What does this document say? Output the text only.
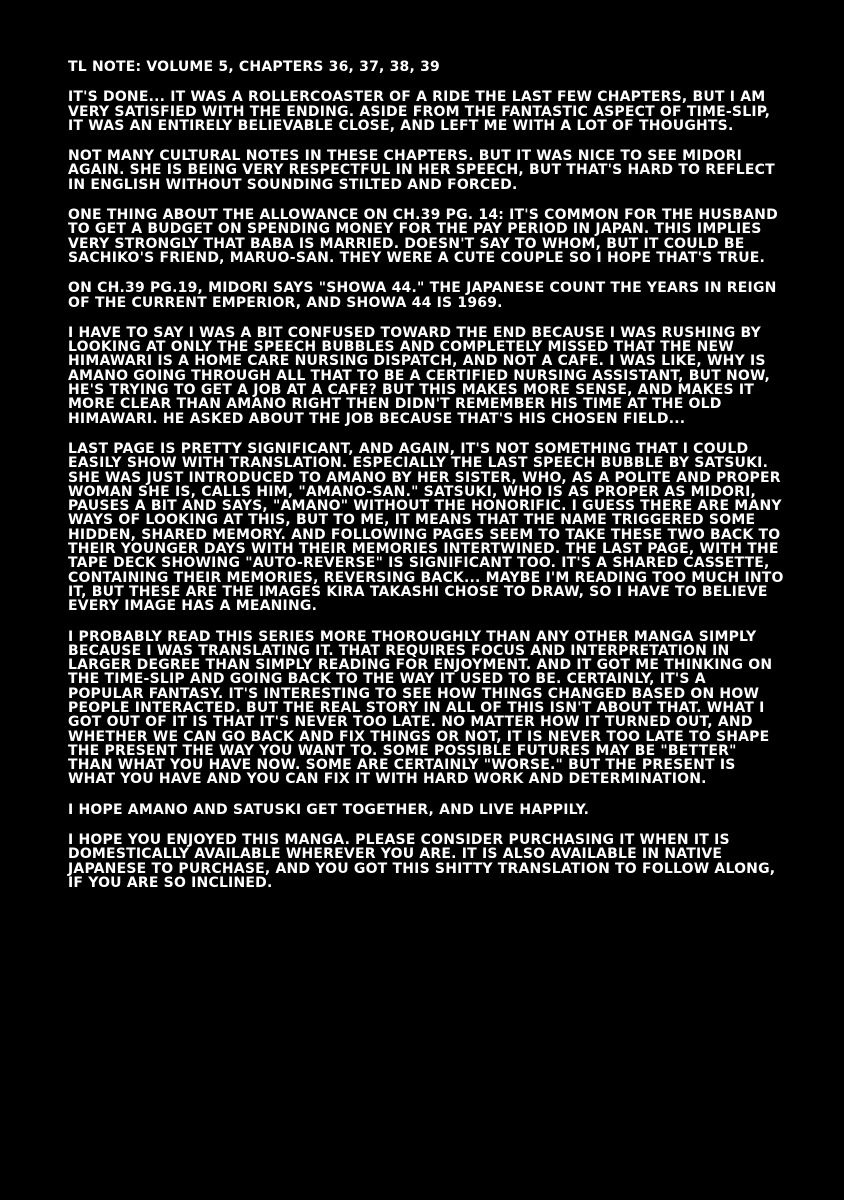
TL NOTE: VOLUME 5, CHAPTERS 36, 37, 38, 39
IT'S DONE... IT WAS A ROLLERCOASTER OF A RIDE THE LAST FEW CHAPTERS, BUT I AM VERY SATISFIED WITH THE ENDING. ASIDE FROM THE FANTASTIC ASPECT OF TIME-SLIP, IT WAS AN ENTIRELY BELIEVABLE CLOSE, AND LEFT ME WITH A LOT OF THOUGHTS.
NOT MANY CULTURAL NOTES IN THESE CHAPTERS. BUT IT WAS NICE TO SEE MIDORI AGAIN. SHE IS BEING VERY RESPECTFUL IN HER SPEECH, BUT THAT'S HARD TO REFLECT IN ENGLISH WITHOUT SOUNDING STILTED AND FORCED.
ONE THING ABOUT THE ALLOWANCE ON CH.39 PG. 14: IT'S COMMON FOR THE HUSBAND TO GET A BUDGET ON SPENDING MONEY FOR THE PAY PERIOD IN JAPAN. THIS IMPLIES VERY STRONGLY THAT BABA IS MARRIED. DOESN'T SAY TO WHOM, BUT IT COULD BE SACHIKO'S FRIEND, MARUO-SAN. THEY WERE A CUTE COUPLE SO I HOPE THAT'S TRUE.
ON CH.39 PG.19, MIDORI SAYS "SHOWA 44." THE JAPANESE COUNT THE YEARS IN REIGN OF THE CURRENT EMPERIOR, AND SHOWA 44 IS 1969.
I HAVE TO SAY I WAS A BIT CONFUSED TOWARD THE END BECAUSE I WAS RUSHING BY LOOKING AT ONLY THE SPEECH BUBBLES AND COMPLETELY MISSED THAT THE NEW HIMAWARI IS A HOME CARE NURSING DISPATCH, AND NOT A CAFE. I WAS LIKE, WHY IS AMANO GOING THROUGH ALL THAT TO BE A CERTIFIED NURSING ASSISTANT, BUT NOW, HE'S TRYING TO GET A JOB AT A CAFE? BUT THIS MAKES MORE SENSE, AND MAKES IT MORE CLEAR THAN AMANO RIGHT THEN DIDN'T REMEMBER HIS TIME AT THE OLD HIMAWARI. HE ASKED ABOUT THE JOB BECAUSE THAT'S HIS CHOSEN FIELD...
LAST PAGE IS PRETTY SIGNIFICANT, AND AGAIN, IT'S NOT SOMETHING THAT I COULD EASILY SHOW WITH TRANSLATION. ESPECIALLY THE LAST SPEECH BUBBLE BY SATSUKI. SHE WAS JUST INTRODUCED TO AMANO BY HER SISTER, WHO, AS A POLITE AND PROPER WOMAN SHE IS, CALLS HIM, "AMANO-SAN." SATSUKI, WHO IS AS PROPER AS MIDORI, PAUSES A BIT AND SAYS, "AMANO" WITHOUT THE HONORIFIC. I GUESS THERE ARE MANY WAYS OF LOOKING AT THIS, BUT TO ME, IT MEANS THAT THE NAME TRIGGERED SOME HIDDEN, SHARED MEMORY. AND FOLLOWING PAGES SEEM TO TAKE THESE TWO BACK TO THEIR YOUNGER DAYS WITH THEIR MEMORIES INTERTWINED. THE LAST PAGE, WITH THE TAPE DECK SHOWING "AUTO-REVERSE" IS SIGNIFICANT TOO. IT'S A SHARED CASSETTE, CONTAINING THEIR MEMORIES, REVERSING BACK... MAYBE I'M READING TOO MUCH INTO IT, BUT THESE ARE THE IMAGES KIRA TAKASHI CHOSE TO DRAW, SO I HAVE TO BELIEVE EVERY IMAGE HAS A MEANING.
I PROBABLY READ THIS SERIES MORE THOROUGHLY THAN ANY OTHER MANGA SIMPLY BECAUSE I WAS TRANSLATING IT. THAT REQUIRES FOCUS AND INTERPRETATION IN LARGER DEGREE THAN SIMPLY READING FOR ENJOYMENT. AND IT GOT ME THINKING ON THE TIME-SLIP AND GOING BACK TO THE WAY IT USED TO BE. CERTAINLY, IT'S A POPULAR FANTASY. IT'S INTERESTING TO SEE HOW THINGS CHANGED BASED ON HOW PEOPLE INTERACTED. BUT THE REAL STORY IN ALL OF THIS ISN'T ABOUT THAT. WHAT I GOT OUT OF IT IS THAT IT'S NEVER TOO LATE. NO MATTER HOW IT TURNED OUT, AND WHETHER WE CAN GO BACK AND FIX THINGS OR NOT, IT IS NEVER TOO LATE TO SHAPE THE PRESENT THE WAY YOU WANT TO. SOME POSSIBLE FUTURES MAY BE "BETTER" THAN WHAT YOU HAVE NOW. SOME ARE CERTAINLY "WORSE." BUT THE PRESENT IS WHAT YOU HAVE AND YOU CAN FIX IT WITH HARD WORK AND DETERMINATION.
I HOPE AMANO AND SATUSKI GET TOGETHER, AND LIVE HAPPILY.
I HOPE YOU ENJOYED THIS MANGA. PLEASE CONSIDER PURCHASING IT WHEN IT IS DOMESTICALLY AVAILABLE WHEREVER YOU ARE. IT IS ALSO AVAILABLE IN NATIVE JAPANESE TO PURCHASE, AND YOU GOT THIS SHITTY TRANSLATION TO FOLLOW ALONG, IF YOU ARE SO INCLINED.
